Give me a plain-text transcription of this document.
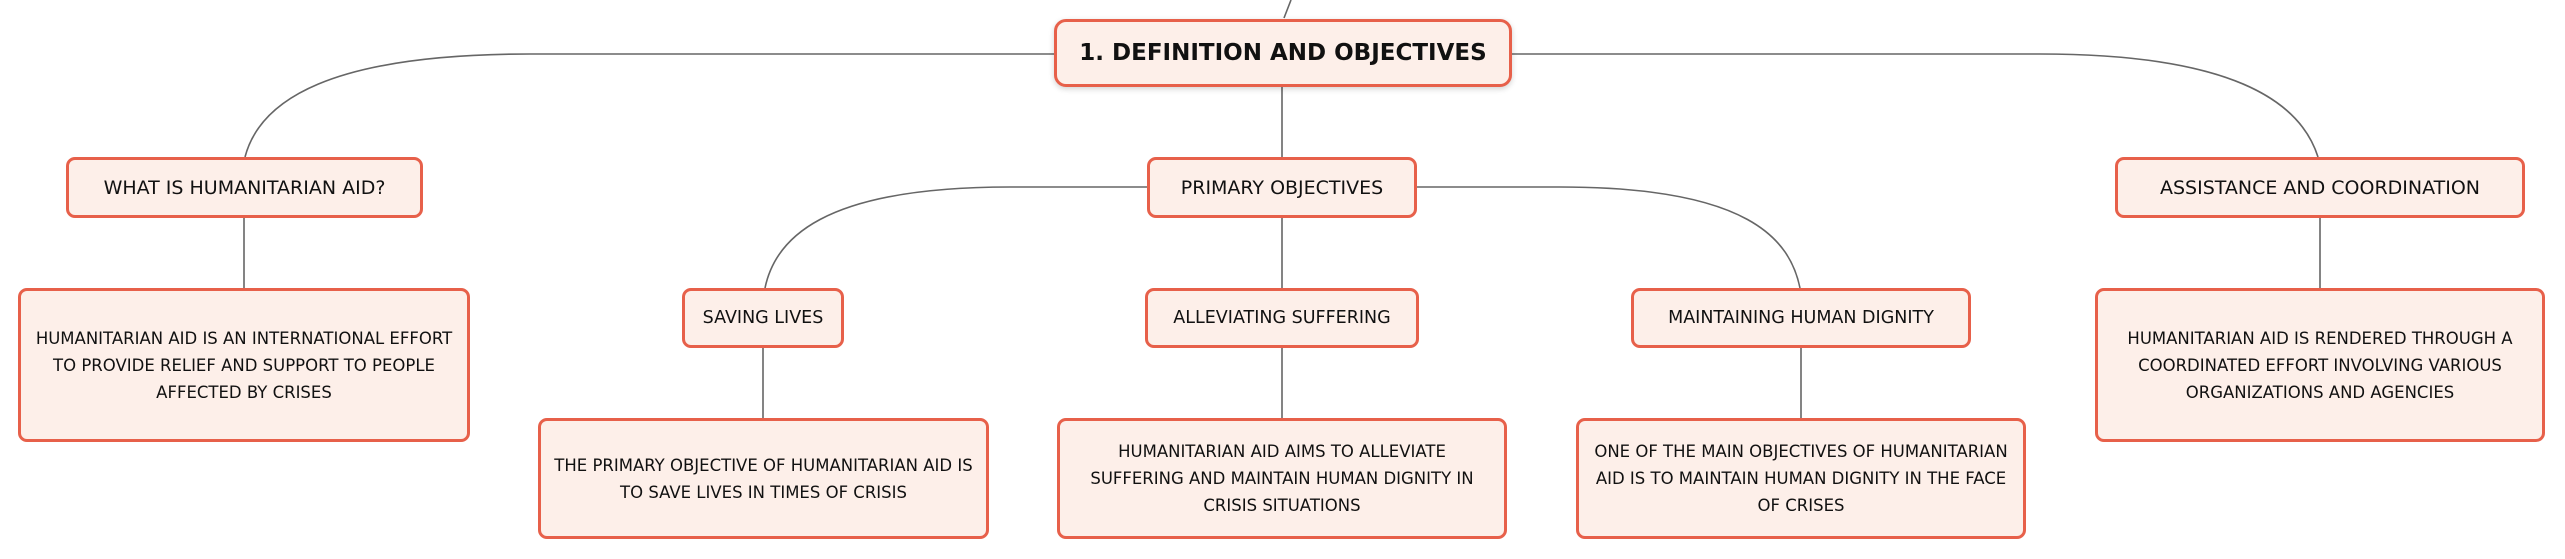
1. DEFINITION AND OBJECTIVES
WHAT IS HUMANITARIAN AID?	PRIMARY OBJECTIVES	ASSISTANCE AND COORDINATION
HUMANITARIAN AID IS AN INTERNATIONAL EFFORT TO PROVIDE RELIEF AND SUPPORT TO PEOPLE AFFECTED BY CRISES
SAVING LIVES	ALLEVIATING SUFFERING	MAINTAINING HUMAN DIGNITY
HUMANITARIAN AID IS RENDERED THROUGH A COORDINATED EFFORT INVOLVING VARIOUS ORGANIZATIONS AND AGENCIES
THE PRIMARY OBJECTIVE OF HUMANITARIAN AID IS TO SAVE LIVES IN TIMES OF CRISIS
HUMANITARIAN AID AIMS TO ALLEVIATE SUFFERING AND MAINTAIN HUMAN DIGNITY IN CRISIS SITUATIONS
ONE OF THE MAIN OBJECTIVES OF HUMANITARIAN AID IS TO MAINTAIN HUMAN DIGNITY IN THE FACE OF CRISES
